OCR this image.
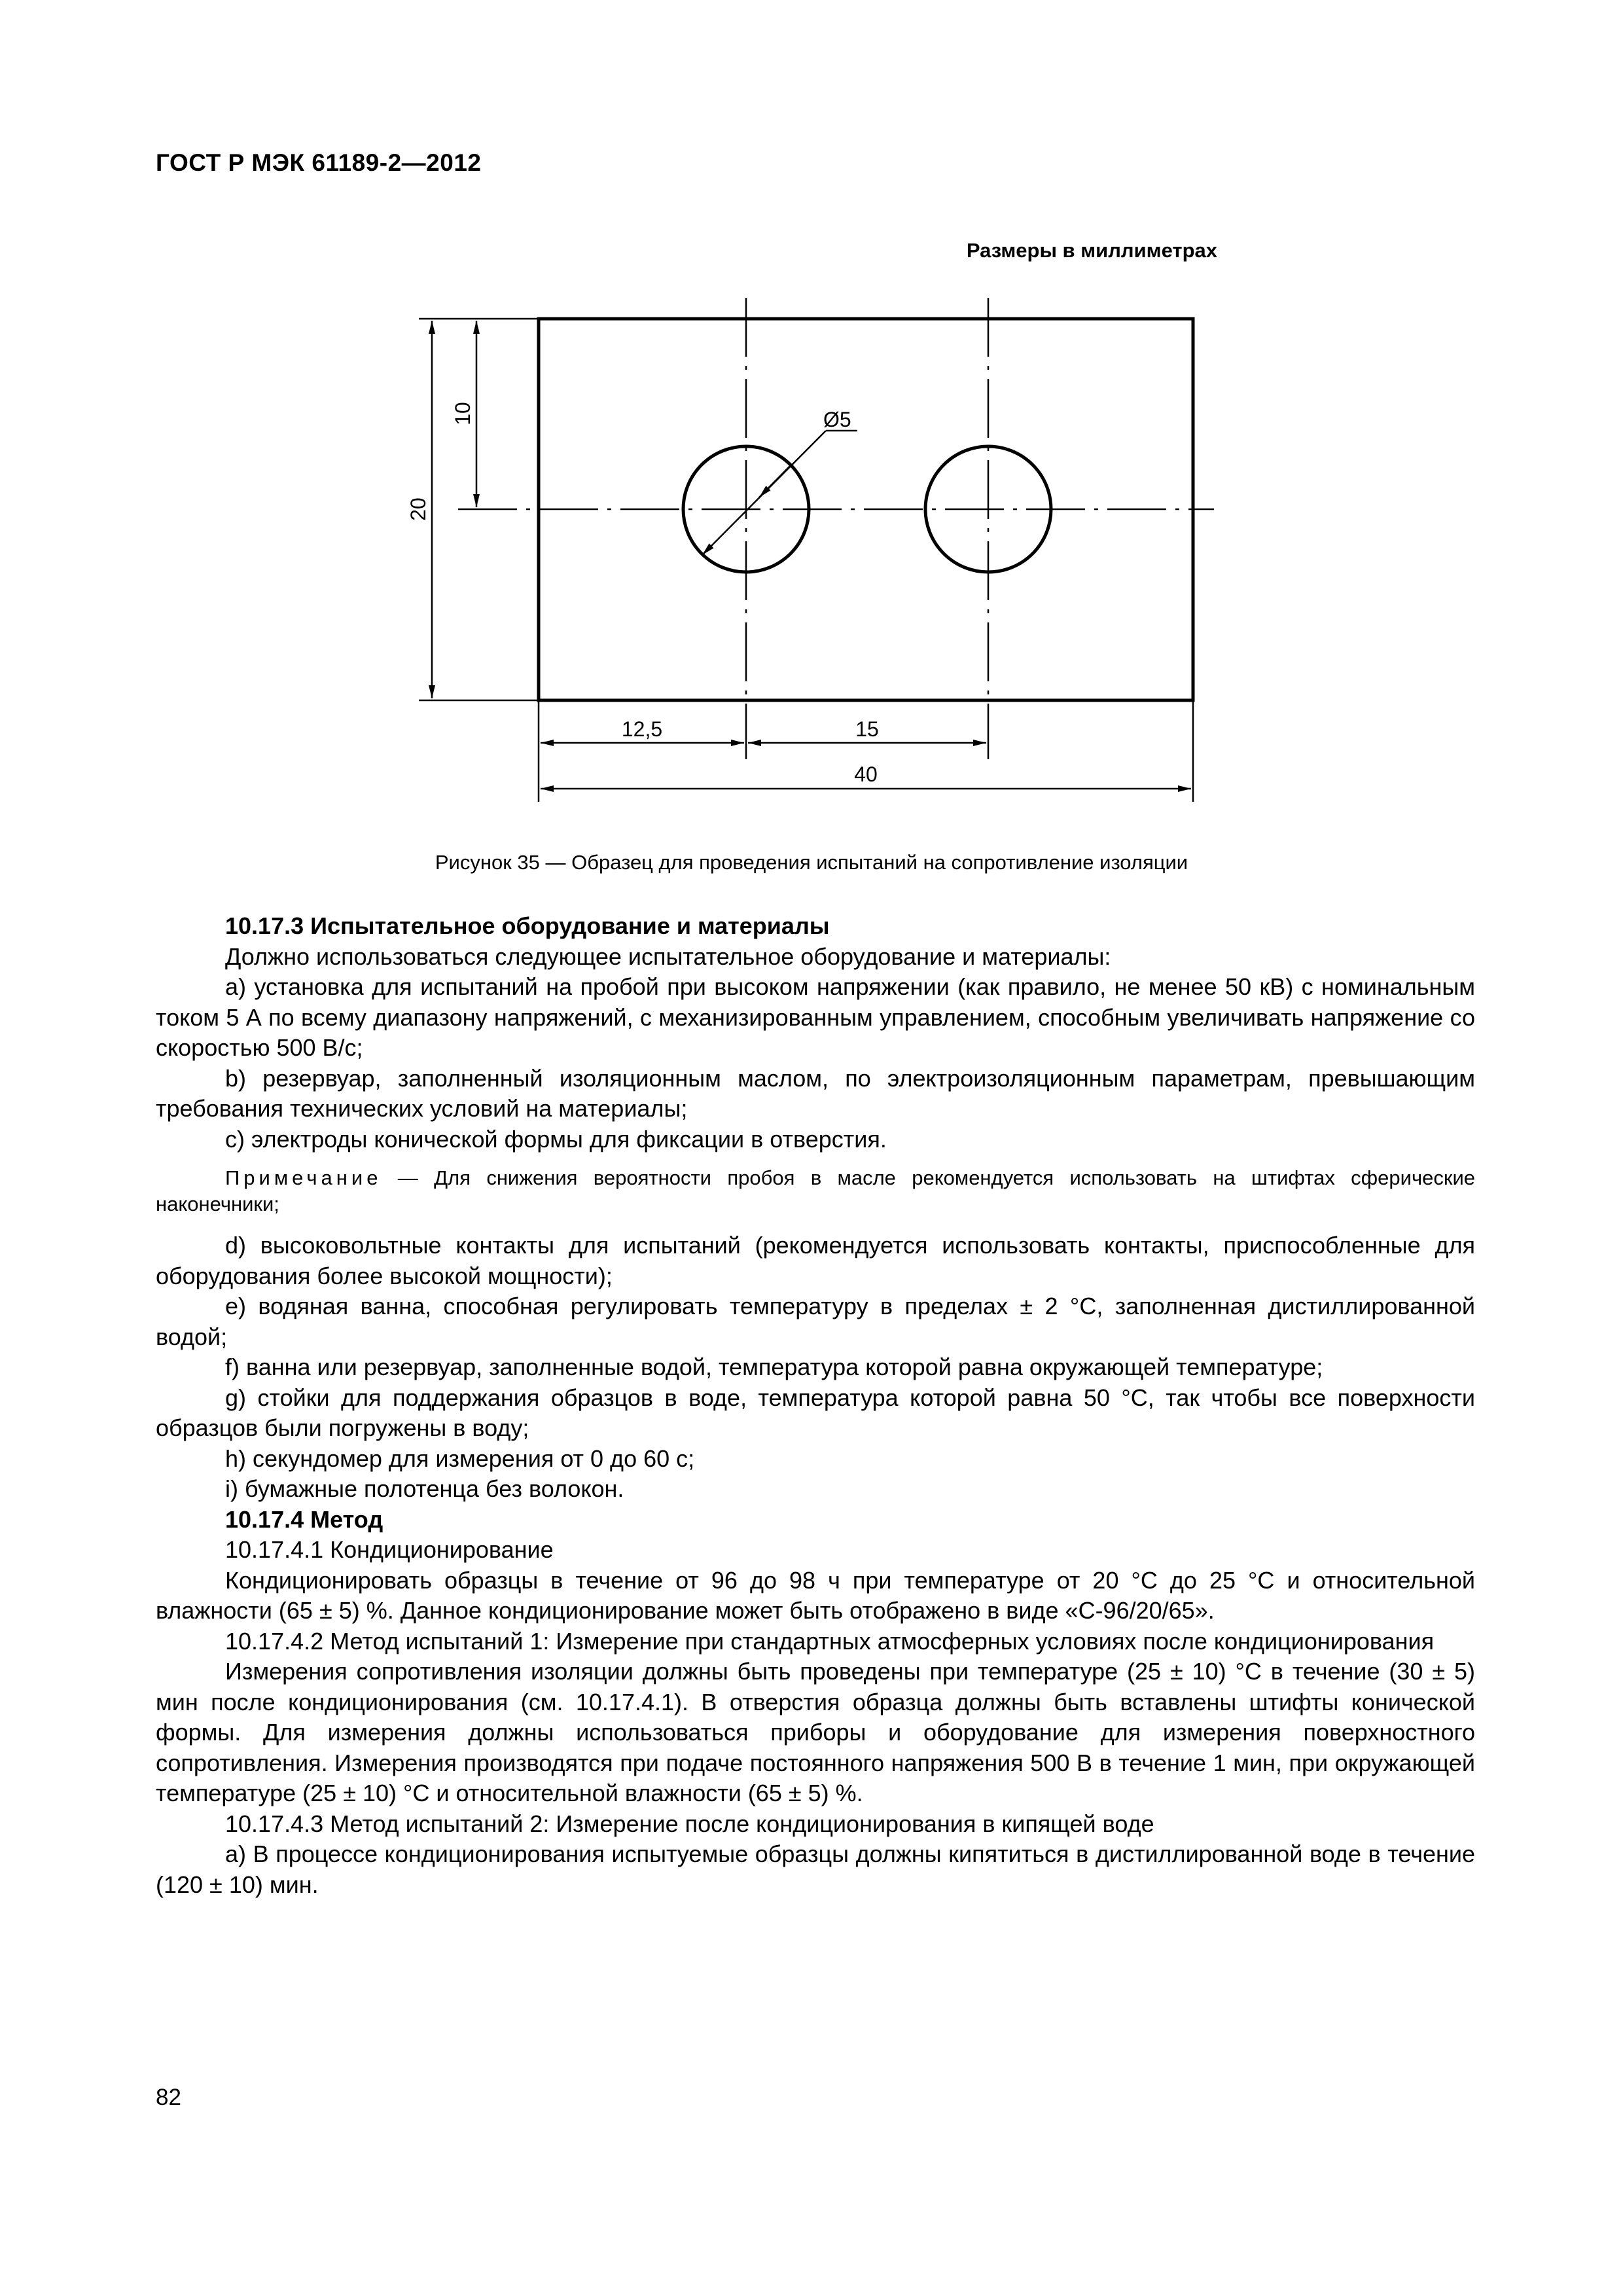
ГОСТ Р МЭК 61189-2—2012
Размеры в миллиметрах
Ø5
10
20
12,5	15
40
Рисунок 35 — Образец для проведения испытаний на сопротивление изоляции

10.17.3 Испытательное оборудование и материалы

Должно использоваться следующее испытательное оборудование и материалы:

а) установка для испытаний на пробой при высоком напряжении (как правило, не менее 50 кВ) с номинальным током 5 А по всему диапазону напряжений, с механизированным управлением, способным увеличивать напряжение со скоростью 500 В/с;

b) резервуар, заполненный изоляционным маслом, по электроизоляционным параметрам, превышающим требования технических условий на материалы;

с) электроды конической формы для фиксации в отверстия.

Примечание — Для снижения вероятности пробоя в масле рекомендуется использовать на штифтах сферические наконечники;

d) высоковольтные контакты для испытаний (рекомендуется использовать контакты, приспособленные для оборудования более высокой мощности);

е) водяная ванна, способная регулировать температуру в пределах ± 2 °С, заполненная дистиллированной водой;

f) ванна или резервуар, заполненные водой, температура которой равна окружающей температуре;

g) стойки для поддержания образцов в воде, температура которой равна 50 °С, так чтобы все поверхности образцов были погружены в воду;

h) секундомер для измерения от 0 до 60 с;

i) бумажные полотенца без волокон.

10.17.4 Метод

10.17.4.1 Кондиционирование

Кондиционировать образцы в течение от 96 до 98 ч при температуре от 20 °С до 25 °С и относительной влажности (65 ± 5) %. Данное кондиционирование может быть отображено в виде «С-96/20/65».

10.17.4.2 Метод испытаний 1: Измерение при стандартных атмосферных условиях после кондиционирования

Измерения сопротивления изоляции должны быть проведены при температуре (25 ± 10) °С в течение (30 ± 5) мин после кондиционирования (см. 10.17.4.1). В отверстия образца должны быть вставлены штифты конической формы. Для измерения должны использоваться приборы и оборудование для измерения поверхностного сопротивления. Измерения производятся при подаче постоянного напряжения 500 В в течение 1 мин, при окружающей температуре (25 ± 10) °С и относительной влажности (65 ± 5) %.

10.17.4.3 Метод испытаний 2: Измерение после кондиционирования в кипящей воде

а) В процессе кондиционирования испытуемые образцы должны кипятиться в дистиллированной воде в течение (120 ± 10) мин.

82
